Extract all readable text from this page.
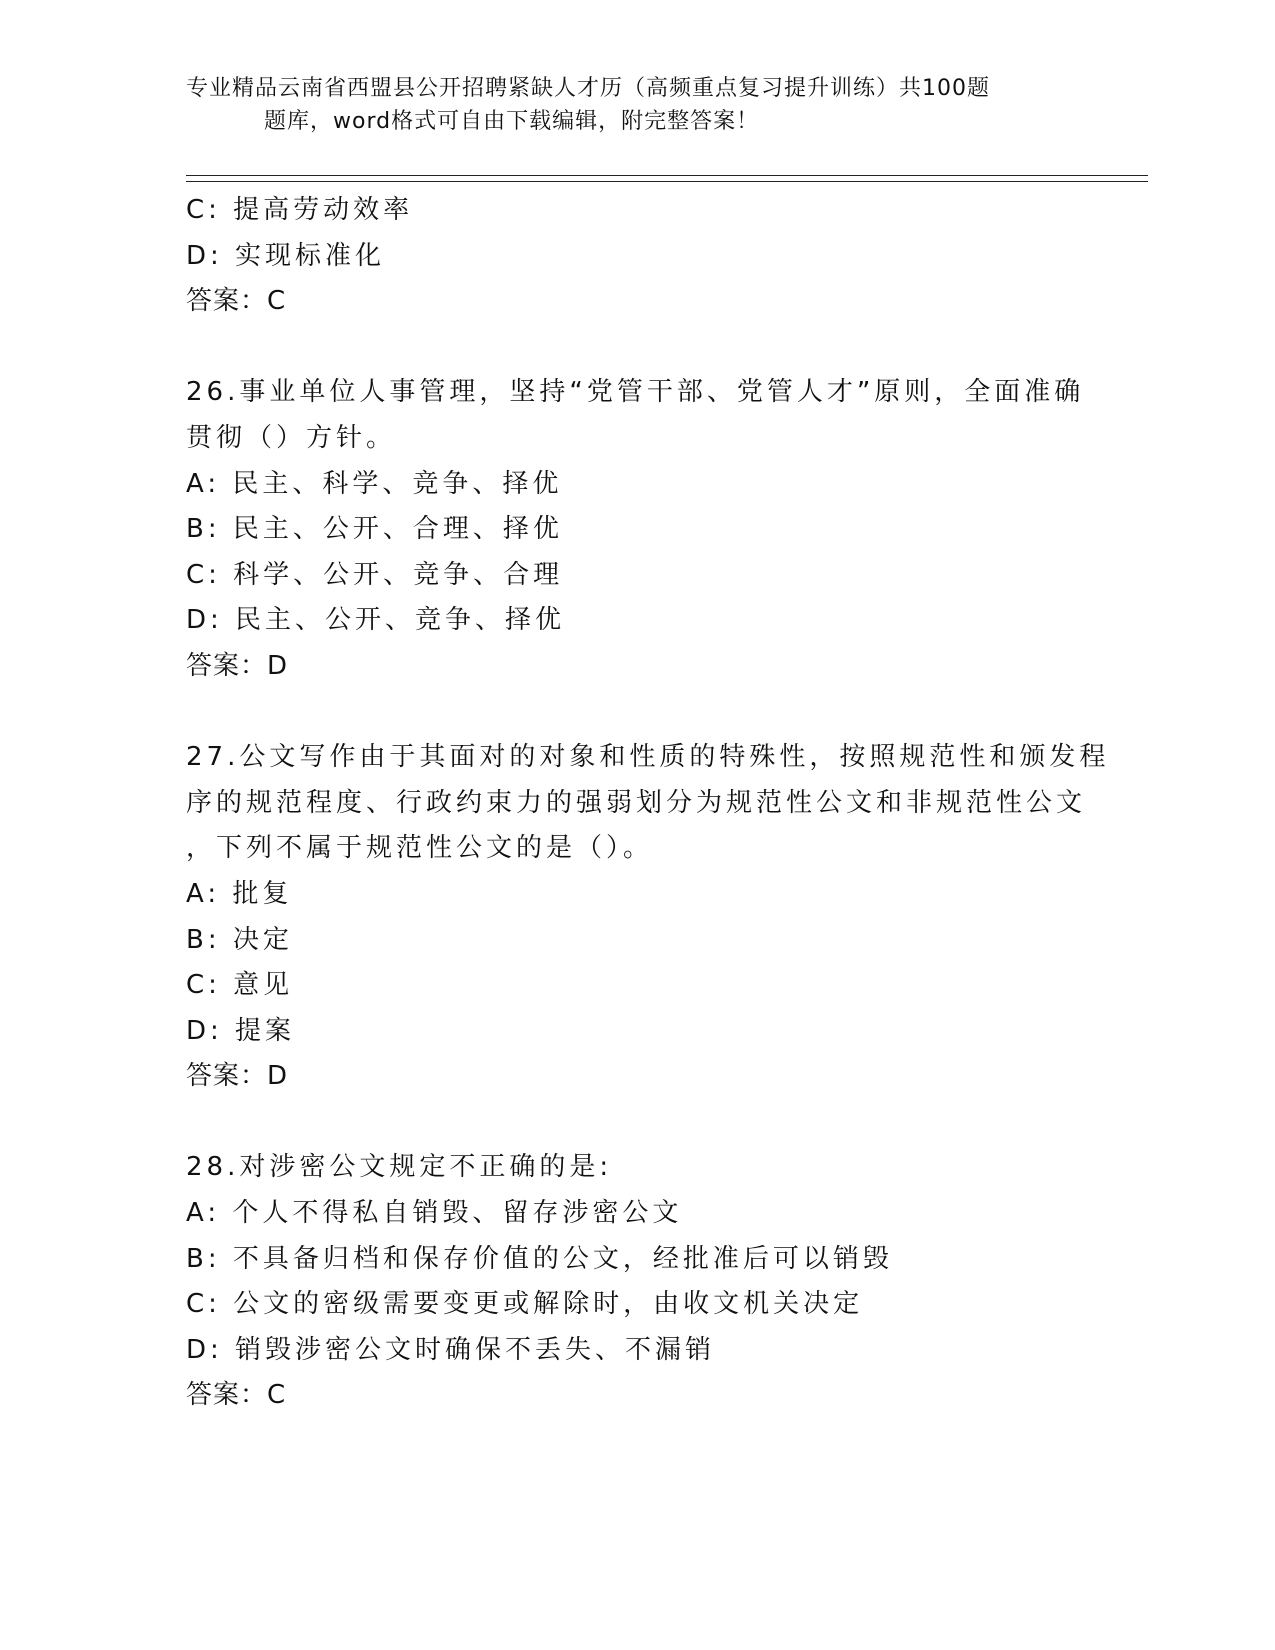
专业精品云南省西盟县公开招聘紧缺人才历（高频重点复习提升训练）共100题
题库，word格式可自由下载编辑，附完整答案！
C: 提高劳动效率
D: 实现标准化
答案：C
26.事业单位人事管理，坚持“党管干部、党管人才”原则，全面准确
贯彻（）方针。
A: 民主、科学、竞争、择优
B: 民主、公开、合理、择优
C: 科学、公开、竞争、合理
D: 民主、公开、竞争、择优
答案：D
27.公文写作由于其面对的对象和性质的特殊性，按照规范性和颁发程
序的规范程度、行政约束力的强弱划分为规范性公文和非规范性公文
，下列不属于规范性公文的是（）。
A: 批复
B: 决定
C: 意见
D: 提案
答案：D
28.对涉密公文规定不正确的是:
A: 个人不得私自销毁、留存涉密公文
B: 不具备归档和保存价值的公文，经批准后可以销毁
C: 公文的密级需要变更或解除时，由收文机关决定
D: 销毁涉密公文时确保不丢失、不漏销
答案：C
